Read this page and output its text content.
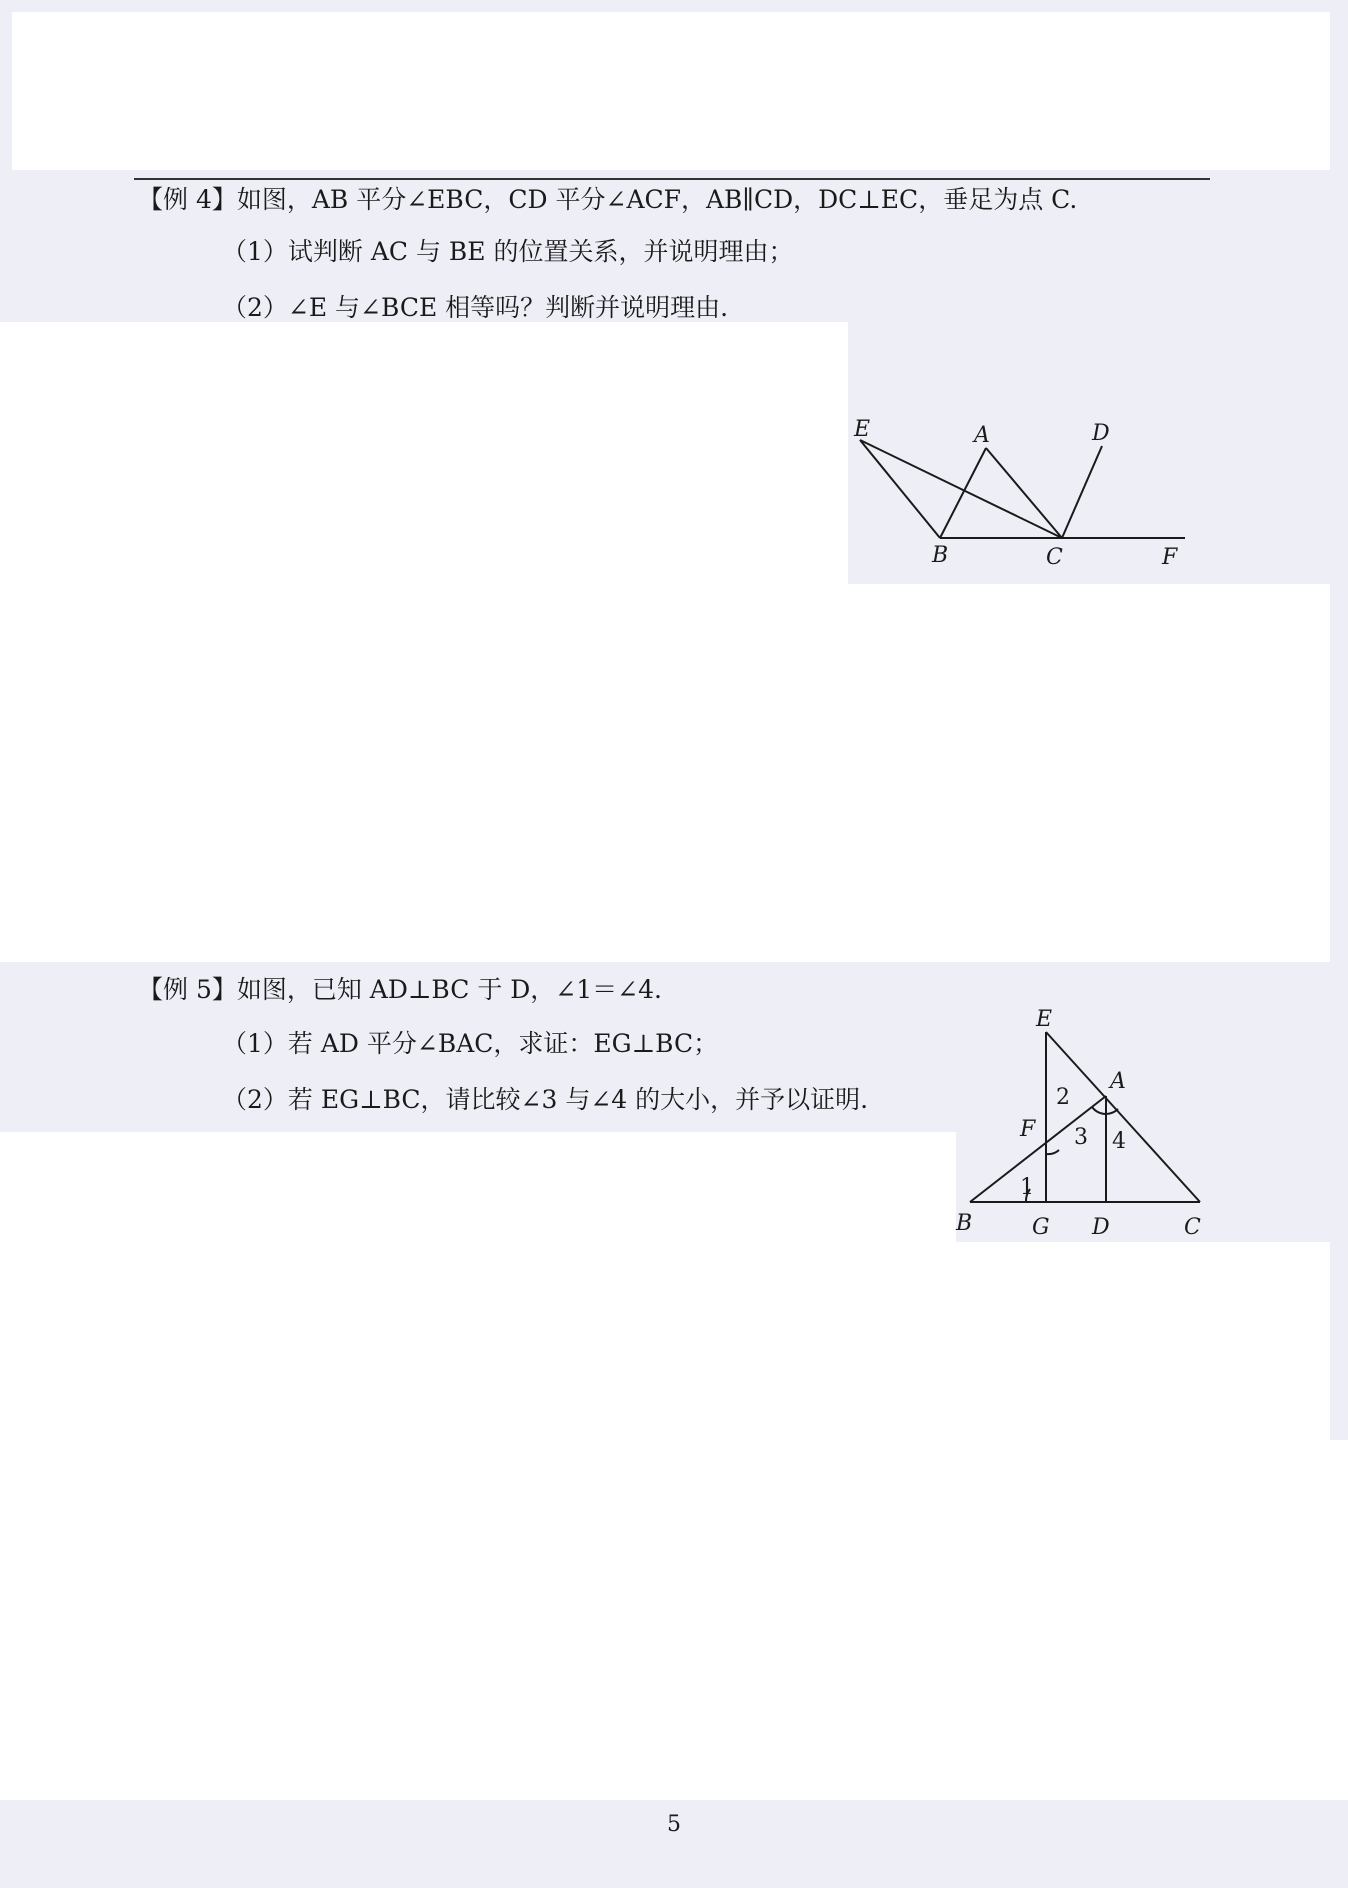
【例 4】如图，AB 平分∠EBC，CD 平分∠ACF，AB∥CD，DC⊥EC，垂足为点 C.
（1）试判断 AC 与 BE 的位置关系，并说明理由；
（2）∠E 与∠BCE 相等吗？判断并说明理由.
E	A	D
B	C	F
【例 5】如图，已知 AD⊥BC 于 D，∠1＝∠4.
（1）若 AD 平分∠BAC，求证：EG⊥BC；
（2）若 EG⊥BC，请比较∠3 与∠4 的大小，并予以证明.
E
A
F
2
3 4
1
B	G D	C
5
